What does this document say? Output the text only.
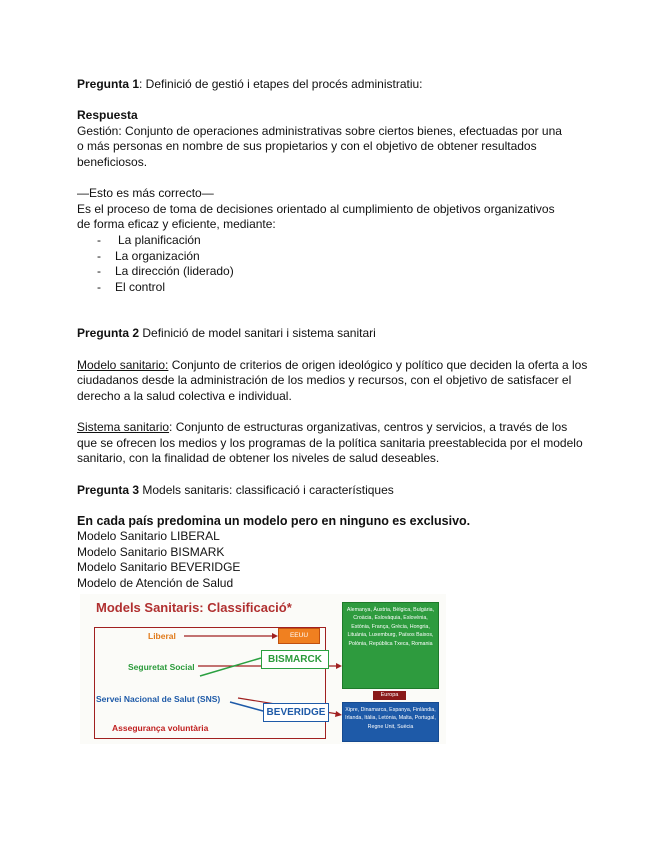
Pregunta 1: Definició de gestió i etapes del procés administratiu:
Respuesta
Gestión: Conjunto de operaciones administrativas sobre ciertos bienes, efectuadas por una
o más personas en nombre de sus propietarios y con el objetivo de obtener resultados
beneficiosos.
—Esto es más correcto—
Es el proceso de toma de decisiones orientado al cumplimiento de objetivos organizativos
de forma eficaz y eficiente, mediante:
- La planificación
- La organización
- La dirección (liderado)
- El control
Pregunta 2 Definició de model sanitari i sistema sanitari
Modelo sanitario: Conjunto de criterios de origen ideológico y político que deciden la oferta a los
ciudadanos desde la administración de los medios y recursos, con el objetivo de satisfacer el
derecho a la salud colectiva e individual.
Sistema sanitario: Conjunto de estructuras organizativas, centros y servicios, a través de los
que se ofrecen los medios y los programas de la política sanitaria preestablecida por el modelo
sanitario, con la finalidad de obtener los niveles de salud deseables.
Pregunta 3 Models sanitaris: classificació i característiques
En cada país predomina un modelo pero en ninguno es exclusivo.
Modelo Sanitario LIBERAL
Modelo Sanitario BISMARK
Modelo Sanitario BEVERIDGE
Modelo de Atención de Salud
Models Sanitaris: Classificació*
Liberal
Seguretat Social
Servei Nacional de Salut (SNS)
Assegurança voluntària
EEUU
BISMARCK
BEVERIDGE
Alemanya, Àustria, Bèlgica, Bulgària, Croàcia, Eslovàquia, Eslovènia, Estònia, França, Grècia, Hongria, Lituània, Luxemburg, Països Baixos, Polònia, República Txeca, Romania
Europa
Xipre, Dinamarca, Espanya, Finlàndia, Irlanda, Itàlia, Letònia, Malta, Portugal, Regne Unit, Suècia
